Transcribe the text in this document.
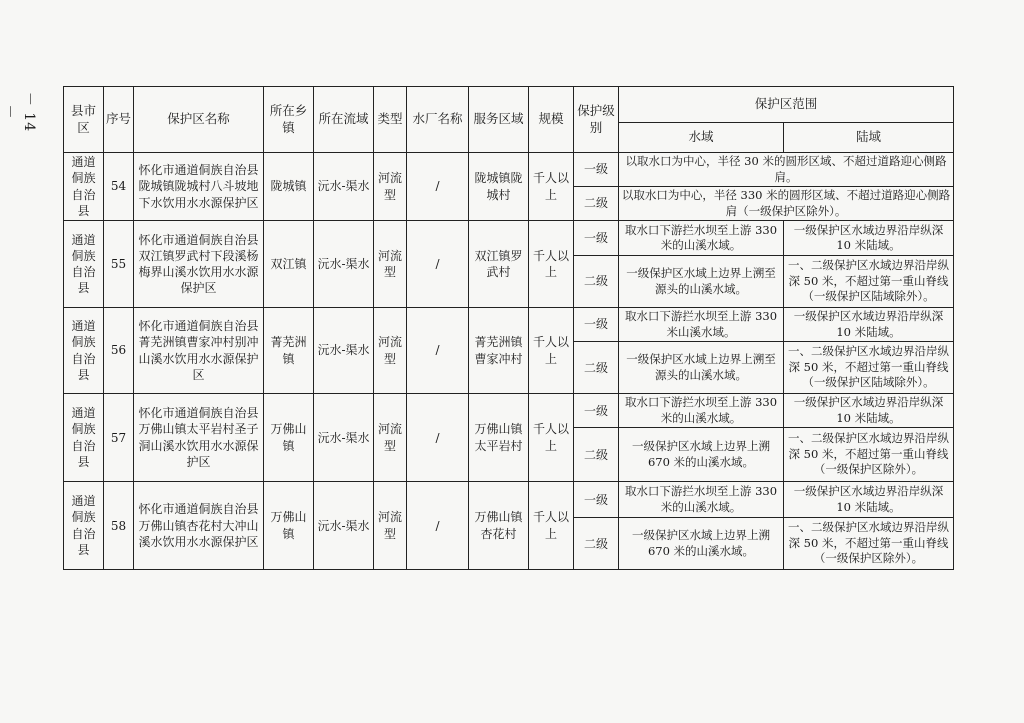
－ 14 －	县市区	序号	保护区名称	所在乡镇	所在流域	类型	水厂名称	服务区域	规模	保护级别	保护区范围	
										水域	陆域
通道侗族自治县	54	怀化市通道侗族自治县陇城镇陇城村八斗坡地下水饮用水水源保护区	陇城镇	沅水-渠水	河流型	/	陇城镇陇城村	千人以上	一级	以取水口为中心，半径 30 米的圆形区域、不超过道路迎心侧路肩。	
									二级	以取水口为中心，半径 330 米的圆形区域、不超过道路迎心侧路肩（一级保护区除外）。	
通道侗族自治县	55	怀化市通道侗族自治县双江镇罗武村下段溪杨梅界山溪水饮用水水源保护区	双江镇	沅水-渠水	河流型	/	双江镇罗武村	千人以上	一级	取水口下游拦水坝至上游 330 米的山溪水域。	一级保护区水域边界沿岸纵深 10 米陆域。
									二级	一级保护区水域上边界上溯至源头的山溪水域。	一、二级保护区水域边界沿岸纵深 50 米，不超过第一重山脊线（一级保护区陆域除外）。
通道侗族自治县	56	怀化市通道侗族自治县菁芜洲镇曹家冲村别冲山溪水饮用水水源保护区	菁芜洲镇	沅水-渠水	河流型	/	菁芜洲镇曹家冲村	千人以上	一级	取水口下游拦水坝至上游 330 米山溪水域。	一级保护区水域边界沿岸纵深 10 米陆域。
									二级	一级保护区水域上边界上溯至源头的山溪水域。	一、二级保护区水域边界沿岸纵深 50 米，不超过第一重山脊线（一级保护区陆域除外）。
通道侗族自治县	57	怀化市通道侗族自治县万佛山镇太平岩村圣子洞山溪水饮用水水源保护区	万佛山镇	沅水-渠水	河流型	/	万佛山镇太平岩村	千人以上	一级	取水口下游拦水坝至上游 330 米的山溪水域。	一级保护区水域边界沿岸纵深 10 米陆域。
									二级	一级保护区水域上边界上溯 670 米的山溪水域。	一、二级保护区水域边界沿岸纵深 50 米，不超过第一重山脊线（一级保护区除外）。
通道侗族自治县	58	怀化市通道侗族自治县万佛山镇杏花村大冲山溪水饮用水水源保护区	万佛山镇	沅水-渠水	河流型	/	万佛山镇杏花村	千人以上	一级	取水口下游拦水坝至上游 330 米的山溪水域。	一级保护区水域边界沿岸纵深 10 米陆域。
									二级	一级保护区水域上边界上溯 670 米的山溪水域。	一、二级保护区水域边界沿岸纵深 50 米，不超过第一重山脊线（一级保护区除外）。
